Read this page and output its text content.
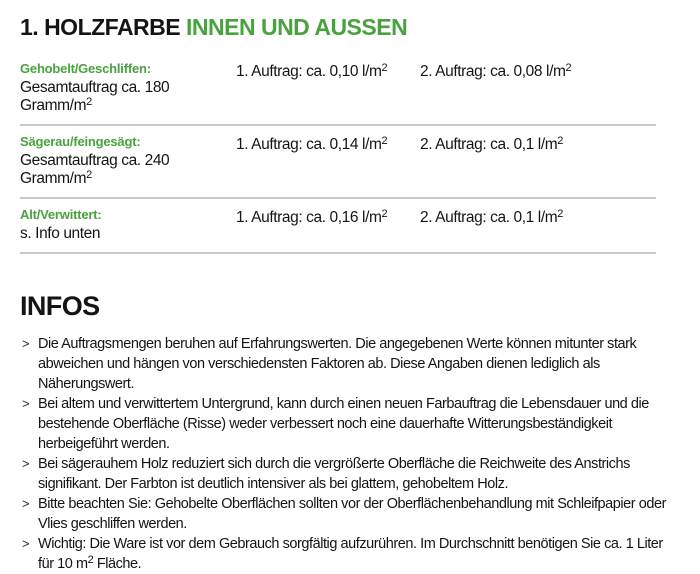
1. HOLZFARBE INNEN UND AUSSEN
Gehobelt/Geschliffen:
Gesamtauftrag ca. 180 Gramm/$m^2$
1. Auftrag: ca. 0,10 $l/m^2$	2. Auftrag: ca. 0,08 $l/m^2$
Sägerau/feingesägt:
Gesamtauftrag ca. 240 Gramm/$m^2$
1. Auftrag: ca. 0,14 $l/m^2$	2. Auftrag: ca. 0,1 $l/m^2$
Alt/Verwittert:
s. Info unten
1. Auftrag: ca. 0,16 $l/m^2$	2. Auftrag: ca. 0,1 $l/m^2$
INFOS
> Die Auftragsmengen beruhen auf Erfahrungswerten. Die angegebenen Werte können mitunter stark abweichen und hängen von verschiedensten Faktoren ab. Diese Angaben dienen lediglich als Näherungswert.
> Bei altem und verwittertem Untergrund, kann durch einen neuen Farbauftrag die Lebensdauer und die bestehende Oberfläche (Risse) weder verbessert noch eine dauerhafte Witterungsbeständigkeit herbeigeführt werden.
> Bei sägerauhem Holz reduziert sich durch die vergrößerte Oberfläche die Reichweite des Anstrichs signifikant. Der Farbton ist deutlich intensiver als bei glattem, gehobeltem Holz.
> Bitte beachten Sie: Gehobelte Oberflächen sollten vor der Oberflächenbehandlung mit Schleifpapier oder Vlies geschliffen werden.
> Wichtig: Die Ware ist vor dem Gebrauch sorgfältig aufzurühren. Im Durchschnitt benötigen Sie ca. 1 Liter für 10 $m^2$ Fläche.
